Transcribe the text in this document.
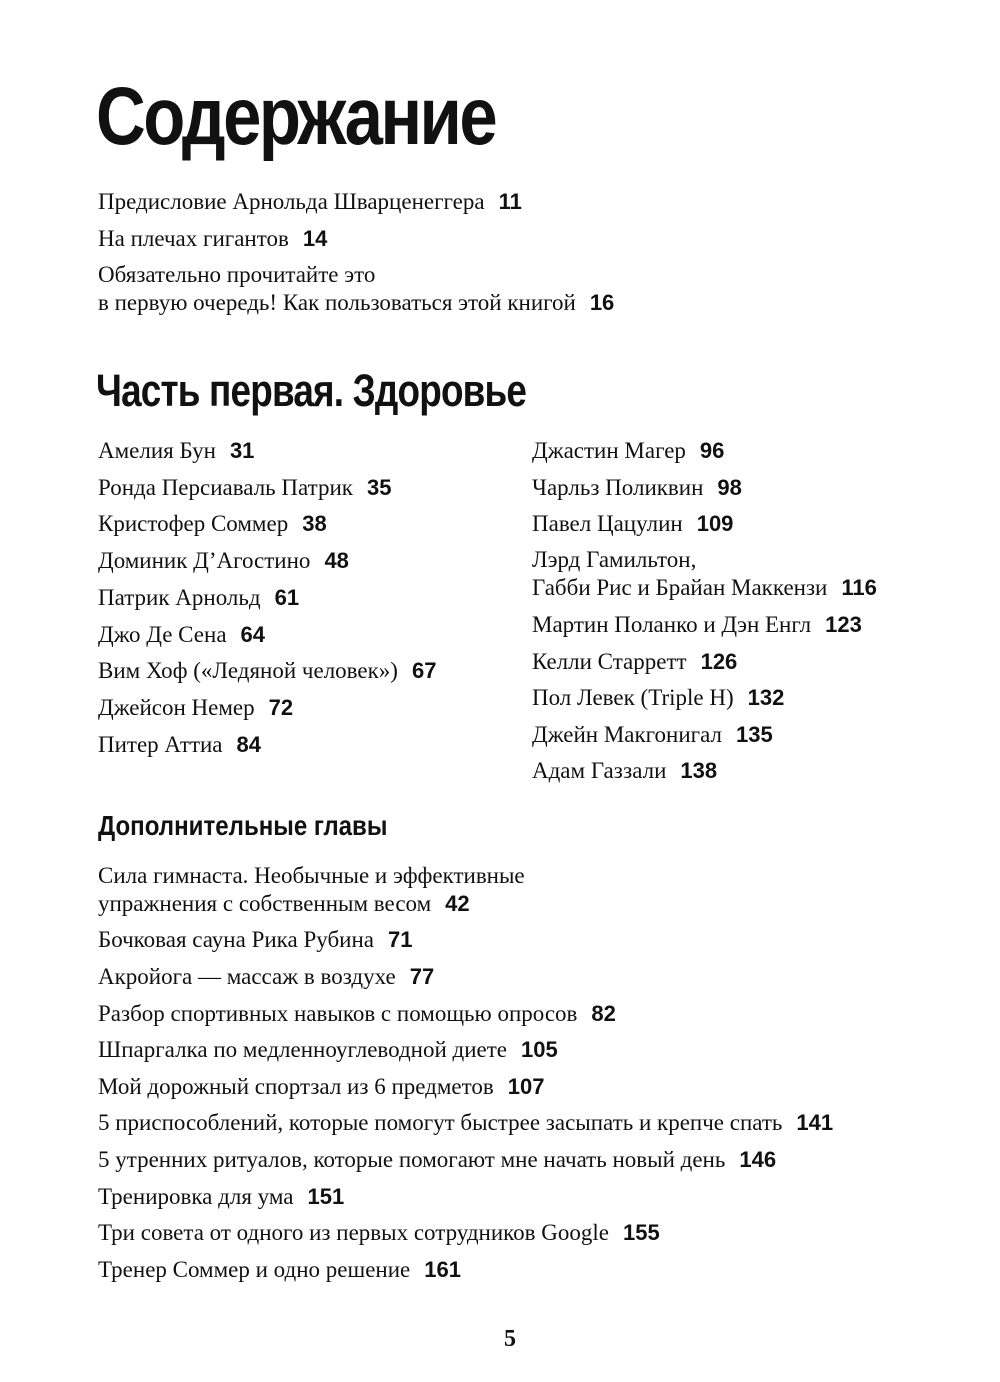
Содержание
Предисловие Арнольда Шварценеггера 11
На плечах гигантов 14
Обязательно прочитайте это
в первую очередь! Как пользоваться этой книгой 16
Часть первая. Здоровье
Амелия Бун 31
Ронда Персиаваль Патрик 35
Кристофер Соммер 38
Доминик Д’Агостино 48
Патрик Арнольд 61
Джо Де Сена 64
Вим Хоф («Ледяной человек») 67
Джейсон Немер 72
Питер Аттиа 84
Джастин Магер 96
Чарльз Поликвин 98
Павел Цацулин 109
Лэрд Гамильтон,
Габби Рис и Брайан Маккензи 116
Мартин Поланко и Дэн Енгл 123
Келли Старретт 126
Пол Левек (Triple H) 132
Джейн Макгонигал 135
Адам Газзали 138
Дополнительные главы
Сила гимнаста. Необычные и эффективные
упражнения с собственным весом 42
Бочковая сауна Рика Рубина 71
Акройога — массаж в воздухе 77
Разбор спортивных навыков с помощью опросов 82
Шпаргалка по медленноуглеводной диете 105
Мой дорожный спортзал из 6 предметов 107
5 приспособлений, которые помогут быстрее засыпать и крепче спать 141
5 утренних ритуалов, которые помогают мне начать новый день 146
Тренировка для ума 151
Три совета от одного из первых сотрудников Google 155
Тренер Соммер и одно решение 161
5
